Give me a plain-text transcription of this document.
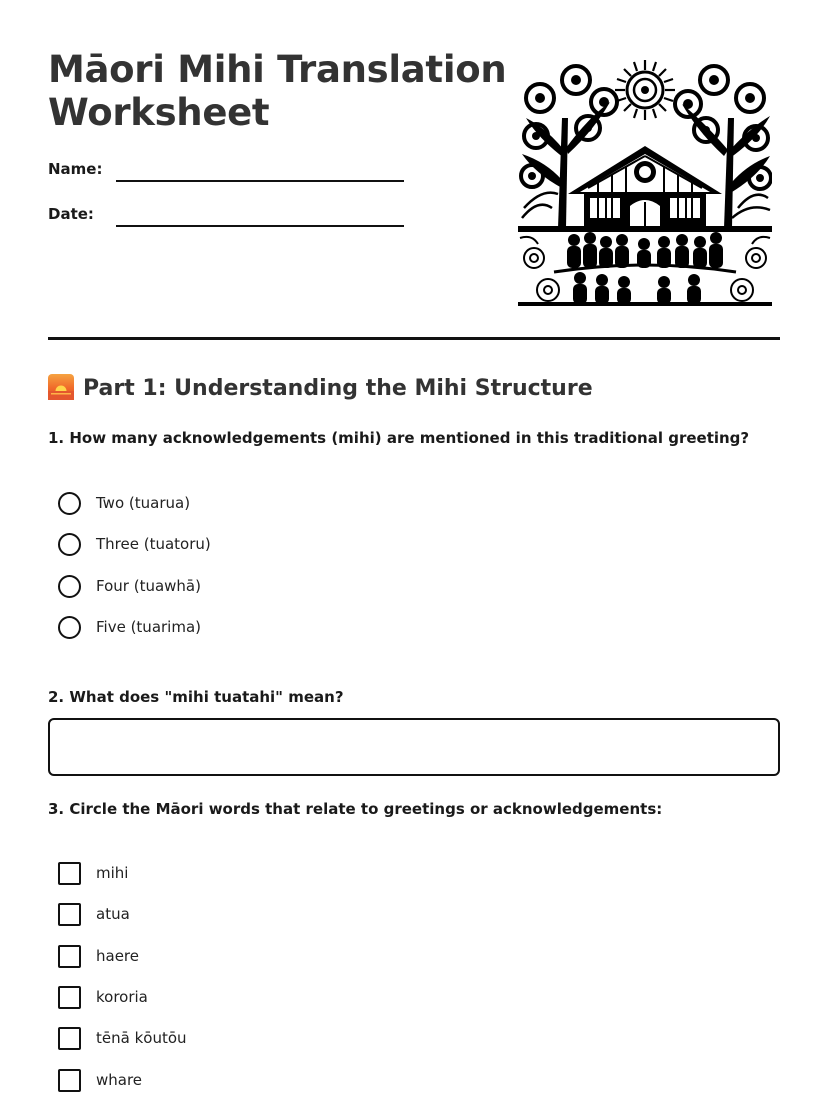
Māori Mihi Translation
Worksheet
Name:
Date:
Part 1: Understanding the Mihi Structure
1. How many acknowledgements (mihi) are mentioned in this traditional greeting?
Two (tuarua)
Three (tuatoru)
Four (tuawhā)
Five (tuarima)
2. What does "mihi tuatahi" mean?
3. Circle the Māori words that relate to greetings or acknowledgements:
mihi
atua
haere
kororia
tēnā kōutōu
whare
